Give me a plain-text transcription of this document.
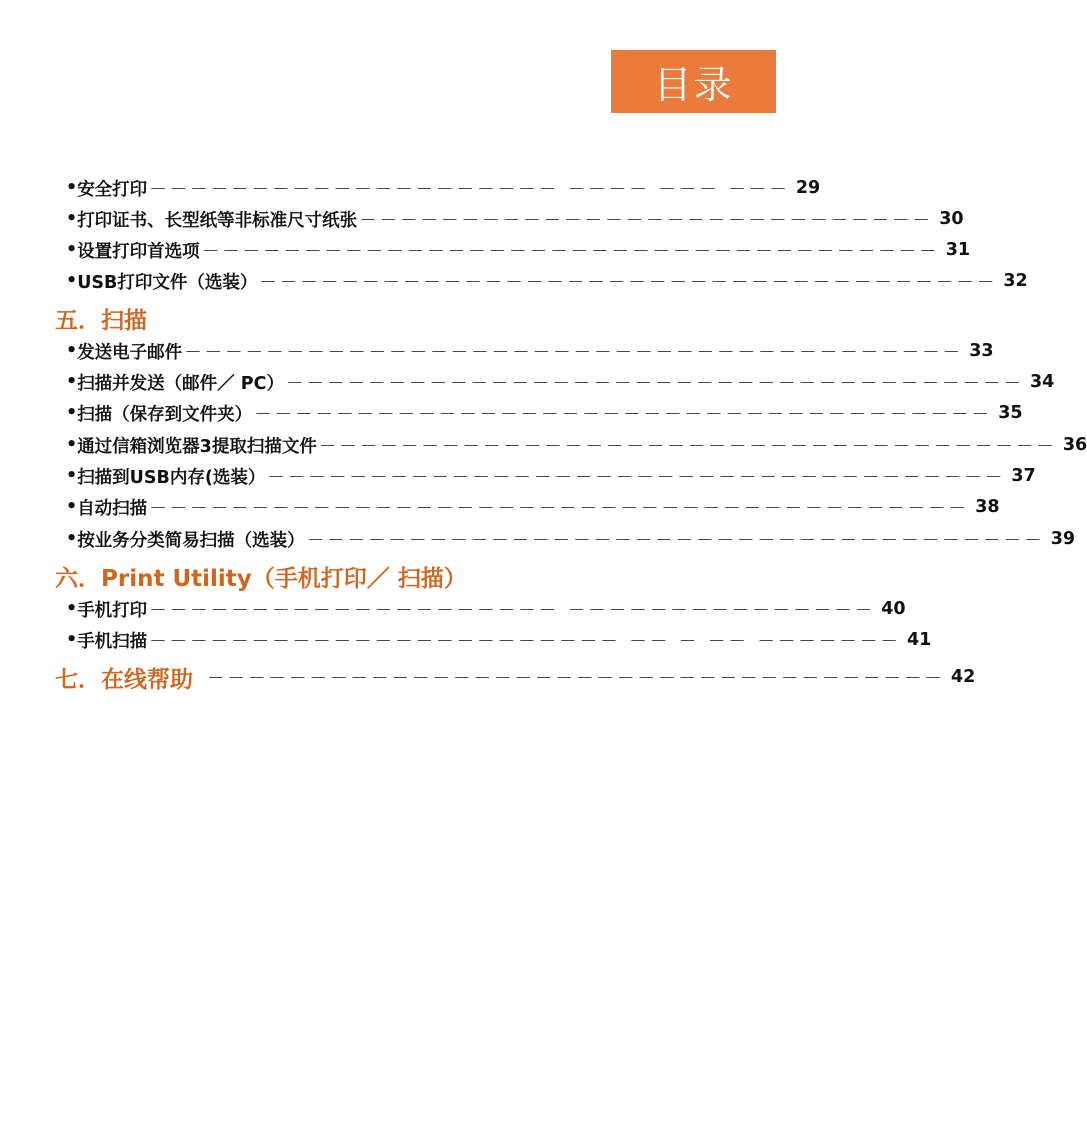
目录
• 安全打印 －－－－－－－－－－－－－－－－－－－－ －－－－ －－－ －－－ 29
• 打印证书、长型纸等非标准尺寸纸张 －－－－－－－－－－－－－－－－－－－－－－－－－－－－ 30
• 设置打印首选项 －－－－－－－－－－－－－－－－－－－－－－－－－－－－－－－－－－－－ 31
• USB打印文件（选装） －－－－－－－－－－－－－－－－－－－－－－－－－－－－－－－－－－－－ 32
五．扫描
• 发送电子邮件 －－－－－－－－－－－－－－－－－－－－－－－－－－－－－－－－－－－－－－ 33
• 扫描并发送（邮件／ PC） －－－－－－－－－－－－－－－－－－－－－－－－－－－－－－－－－－－－ 34
• 扫描（保存到文件夹） －－－－－－－－－－－－－－－－－－－－－－－－－－－－－－－－－－－－ 35
• 通过信箱浏览器3提取扫描文件 －－－－－－－－－－－－－－－－－－－－－－－－－－－－－－－－－－－－ 36
• 扫描到USB内存(选装） －－－－－－－－－－－－－－－－－－－－－－－－－－－－－－－－－－－－ 37
• 自动扫描 －－－－－－－－－－－－－－－－－－－－－－－－－－－－－－－－－－－－－－－－ 38
• 按业务分类简易扫描（选装） －－－－－－－－－－－－－－－－－－－－－－－－－－－－－－－－－－－－ 39
六．Print Utility（手机打印／ 扫描）
• 手机打印 －－－－－－－－－－－－－－－－－－－－ －－－－－－－－－－－－－－－ 40
• 手机扫描 －－－－－－－－－－－－－－－－－－－－－－－ －－ － －－ －－－－－－－ 41
七．在线帮助 －－－－－－－－－－－－－－－－－－－－－－－－－－－－－－－－－－－－ 42
